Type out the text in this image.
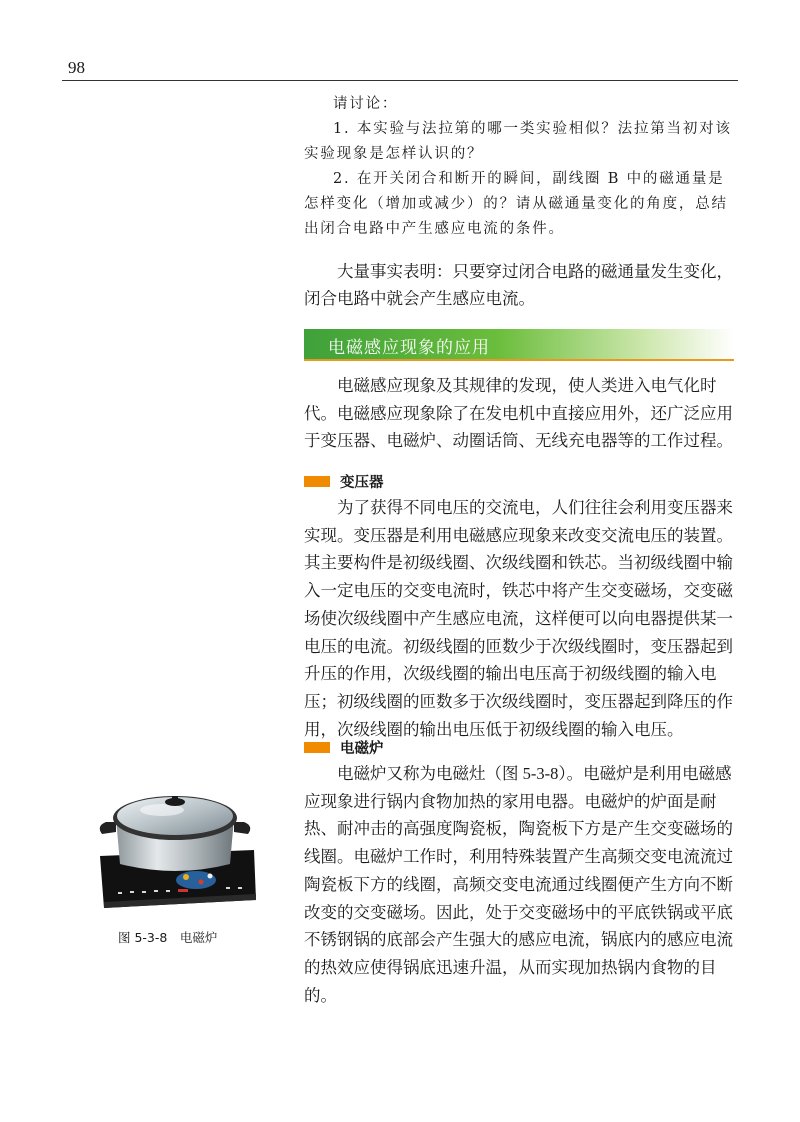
98

请讨论：

1. 本实验与法拉第的哪一类实验相似？法拉第当初对该实验现象是怎样认识的？

2. 在开关闭合和断开的瞬间，副线圈 B 中的磁通量是怎样变化（增加或减少）的？请从磁通量变化的角度，总结出闭合电路中产生感应电流的条件。

大量事实表明：只要穿过闭合电路的磁通量发生变化，闭合电路中就会产生感应电流。

电磁感应现象的应用

电磁感应现象及其规律的发现，使人类进入电气化时代。电磁感应现象除了在发电机中直接应用外，还广泛应用于变压器、电磁炉、动圈话筒、无线充电器等的工作过程。

变压器

为了获得不同电压的交流电，人们往往会利用变压器来实现。变压器是利用电磁感应现象来改变交流电压的装置。其主要构件是初级线圈、次级线圈和铁芯。当初级线圈中输入一定电压的交变电流时，铁芯中将产生交变磁场，交变磁场使次级线圈中产生感应电流，这样便可以向电器提供某一电压的电流。初级线圈的匝数少于次级线圈时，变压器起到升压的作用，次级线圈的输出电压高于初级线圈的输入电压；初级线圈的匝数多于次级线圈时，变压器起到降压的作用，次级线圈的输出电压低于初级线圈的输入电压。

电磁炉

电磁炉又称为电磁灶（图 5-3-8）。电磁炉是利用电磁感应现象进行锅内食物加热的家用电器。电磁炉的炉面是耐热、耐冲击的高强度陶瓷板，陶瓷板下方是产生交变磁场的线圈。电磁炉工作时，利用特殊装置产生高频交变电流流过陶瓷板下方的线圈，高频交变电流通过线圈便产生方向不断改变的交变磁场。因此，处于交变磁场中的平底铁锅或平底不锈钢锅的底部会产生强大的感应电流，锅底内的感应电流的热效应使得锅底迅速升温，从而实现加热锅内食物的目的。

图 5-3-8　电磁炉
